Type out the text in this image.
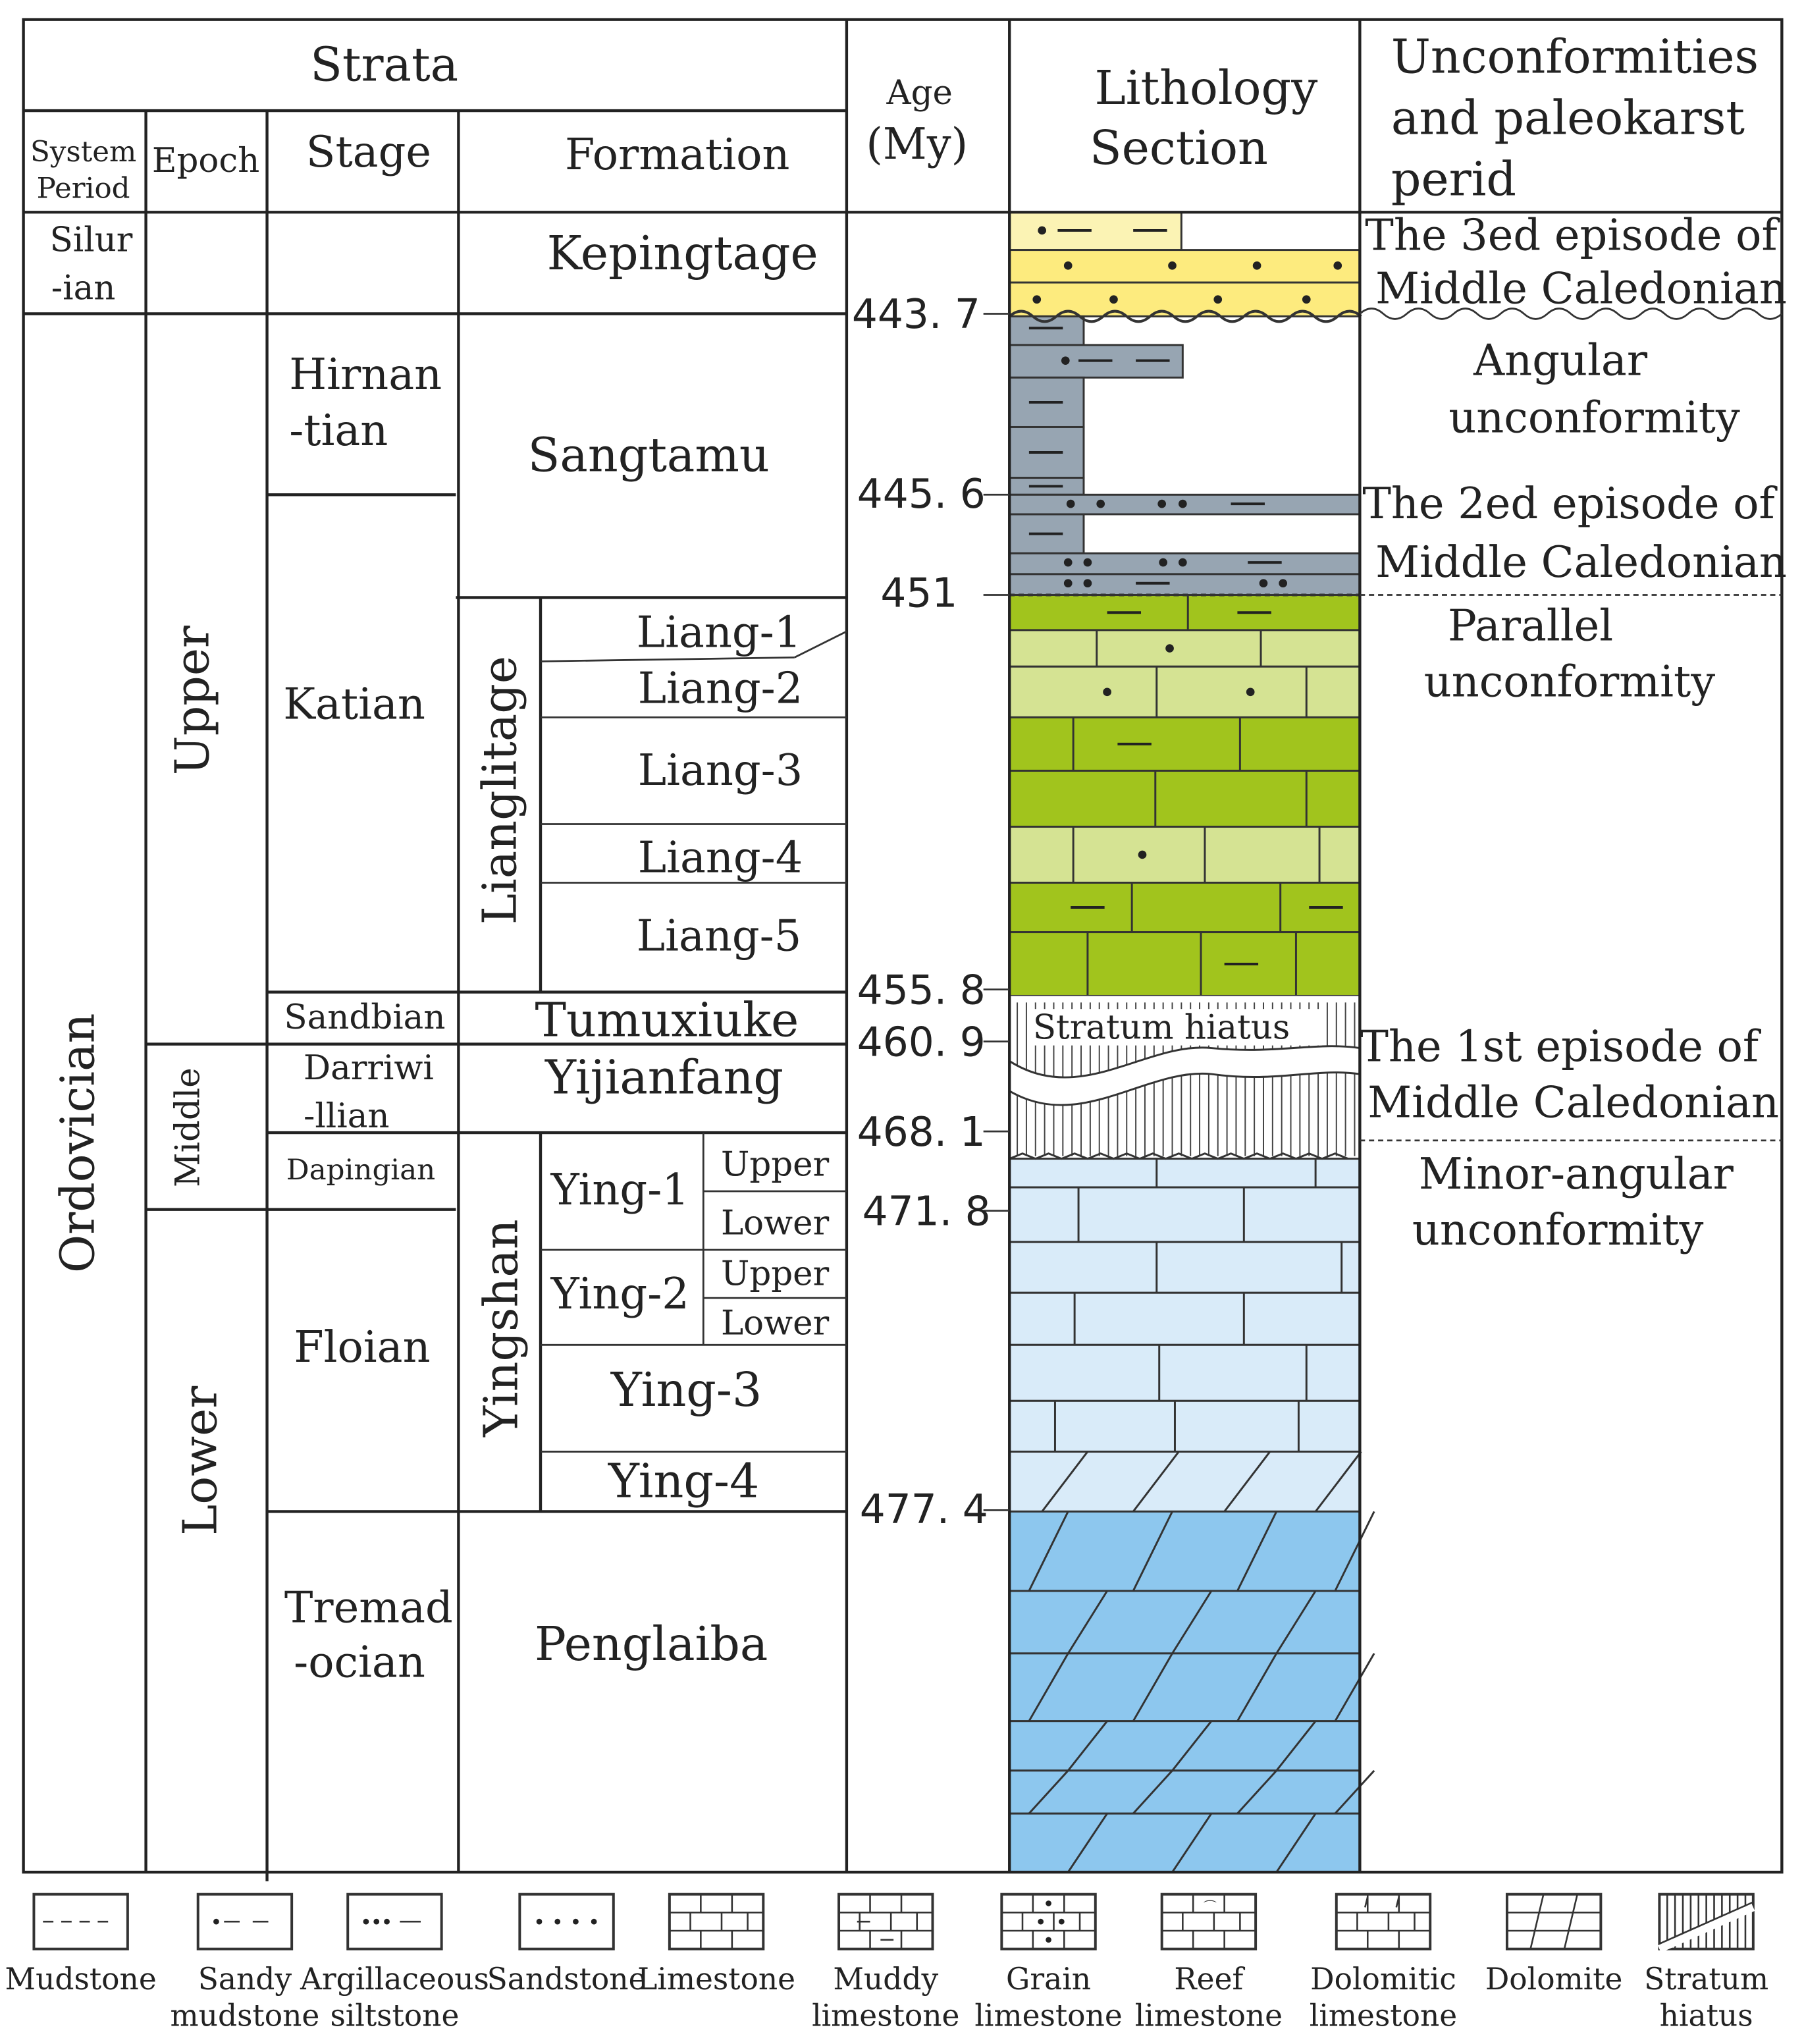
Stratum hiatus
Strata
System
Period
Epoch Stage	Formation
Age
(My)
Lithology
Section
Unconformities
and paleokarst
perid
Silur
-ian
Ordovician
Upper
Middle
Lower
Hirnan
-tian
Katian
Sandbian
Darriwi
-llian
Dapingian
Floian
Tremad
-ocian
Kepingtage
Sangtamu
Lianglitage
Liang-1
Liang-2
Liang-3
Liang-4
Liang-5
Tumuxiuke
Yijianfang
Yingshan
Ying-1
Ying-2
Ying-3
Ying-4
Upper
Lower
Upper
Lower
Penglaiba
443. 7
445. 6
451
455. 8
460. 9
468. 1
471. 8
477. 4
The 3ed episode of
Middle Caledonian
Angular
unconformity
The 2ed episode of
Middle Caledonian
Parallel
unconformity
The 1st episode of
Middle Caledonian
Minor-angular
unconformity
Mudstone	Sandy
mudstone
Argillaceous
siltstone
Sandstone
Limestone Muddy
limestone
Grain
limestone
⌒
Reef
limestone
Dolomitic
limestone
Dolomite Stratum
hiatus
